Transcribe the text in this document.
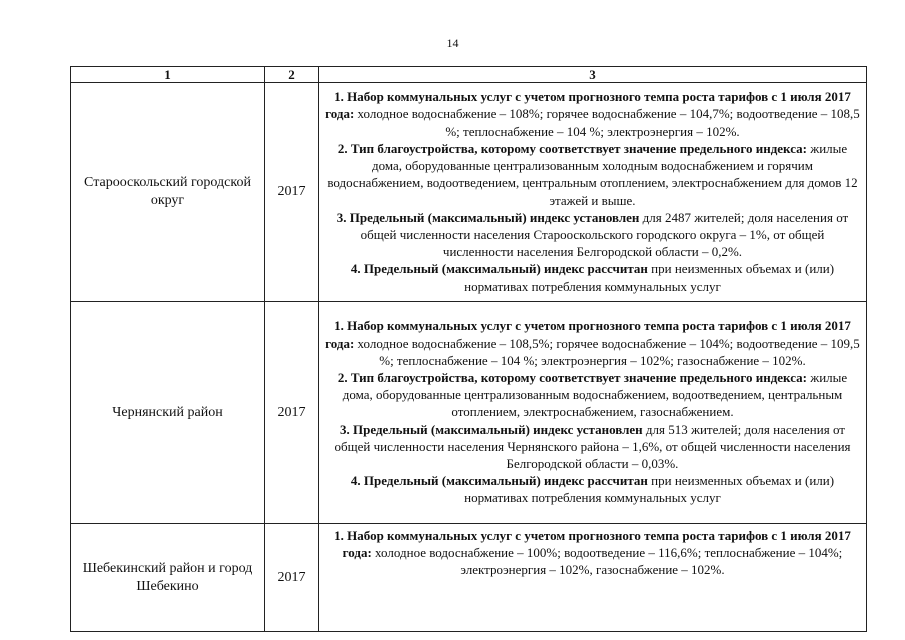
14
1	2	3
Старооскольский городской округ	2017	1. Набор коммунальных услуг с учетом прогнозного темпа роста тарифов с 1 июля 2017 года: холодное водоснабжение – 108%; горячее водоснабжение – 104,7%; водоотведение – 108,5 %; теплоснабжение – 104 %; электроэнергия – 102%.

2. Тип благоустройства, которому соответствует значение предельного индекса: жилые дома, оборудованные централизованным холодным водоснабжением и горячим водоснабжением, водоотведением, центральным отоплением, электроснабжением для домов 12 этажей и выше.

3. Предельный (максимальный) индекс установлен для 2487 жителей; доля населения от общей численности населения Старооскольского городского округа – 1%, от общей численности населения Белгородской области – 0,2%.

4. Предельный (максимальный) индекс рассчитан при неизменных объемах и (или) нормативах потребления коммунальных услуг

Чернянский район	2017	1. Набор коммунальных услуг с учетом прогнозного темпа роста тарифов с 1 июля 2017 года: холодное водоснабжение – 108,5%; горячее водоснабжение – 104%; водоотведение – 109,5 %; теплоснабжение – 104 %; электроэнергия – 102%; газоснабжение – 102%.

2. Тип благоустройства, которому соответствует значение предельного индекса: жилые дома, оборудованные централизованным водоснабжением, водоотведением, центральным отоплением, электроснабжением, газоснабжением.

3. Предельный (максимальный) индекс установлен для 513 жителей; доля населения от общей численности населения Чернянского района – 1,6%, от общей численности населения Белгородской области – 0,03%.

4. Предельный (максимальный) индекс рассчитан при неизменных объемах и (или) нормативах потребления коммунальных услуг

Шебекинский район и город Шебекино	2017	1. Набор коммунальных услуг с учетом прогнозного темпа роста тарифов с 1 июля 2017 года: холодное водоснабжение – 100%; водоотведение – 116,6%; теплоснабжение – 104%; электроэнергия – 102%, газоснабжение – 102%.
